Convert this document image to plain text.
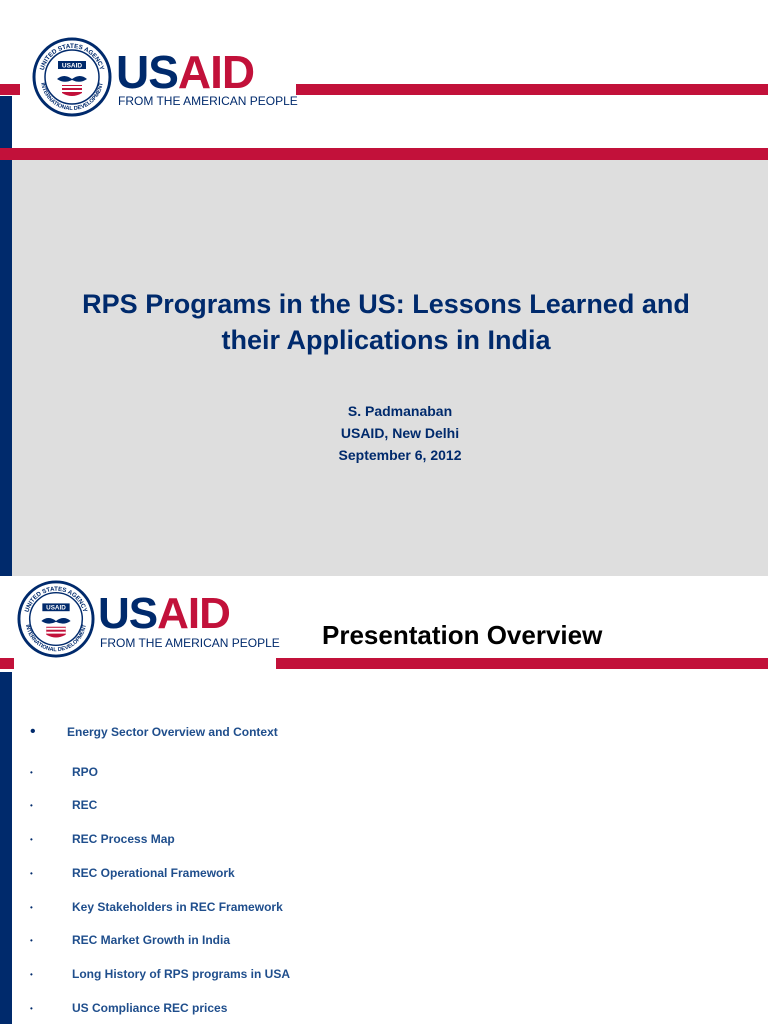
UNITED STATES AGENCY
INTERNATIONAL DEVELOPMENT
USAID USAID
FROM THE AMERICAN PEOPLE
RPS Programs in the US: Lessons Learned and
their Applications in India
S. Padmanaban
USAID, New Delhi
September 6, 2012
UNITED STATES AGENCY
INTERNATIONAL DEVELOPMENT
USAID USAID
FROM THE AMERICAN PEOPLE Presentation Overview
•	Energy Sector Overview and Context
•	RPO
•	REC
•	REC Process Map
•	REC Operational Framework
•	Key Stakeholders in REC Framework
•	REC Market Growth in India
•	Long History of RPS programs in USA
•	US Compliance REC prices
